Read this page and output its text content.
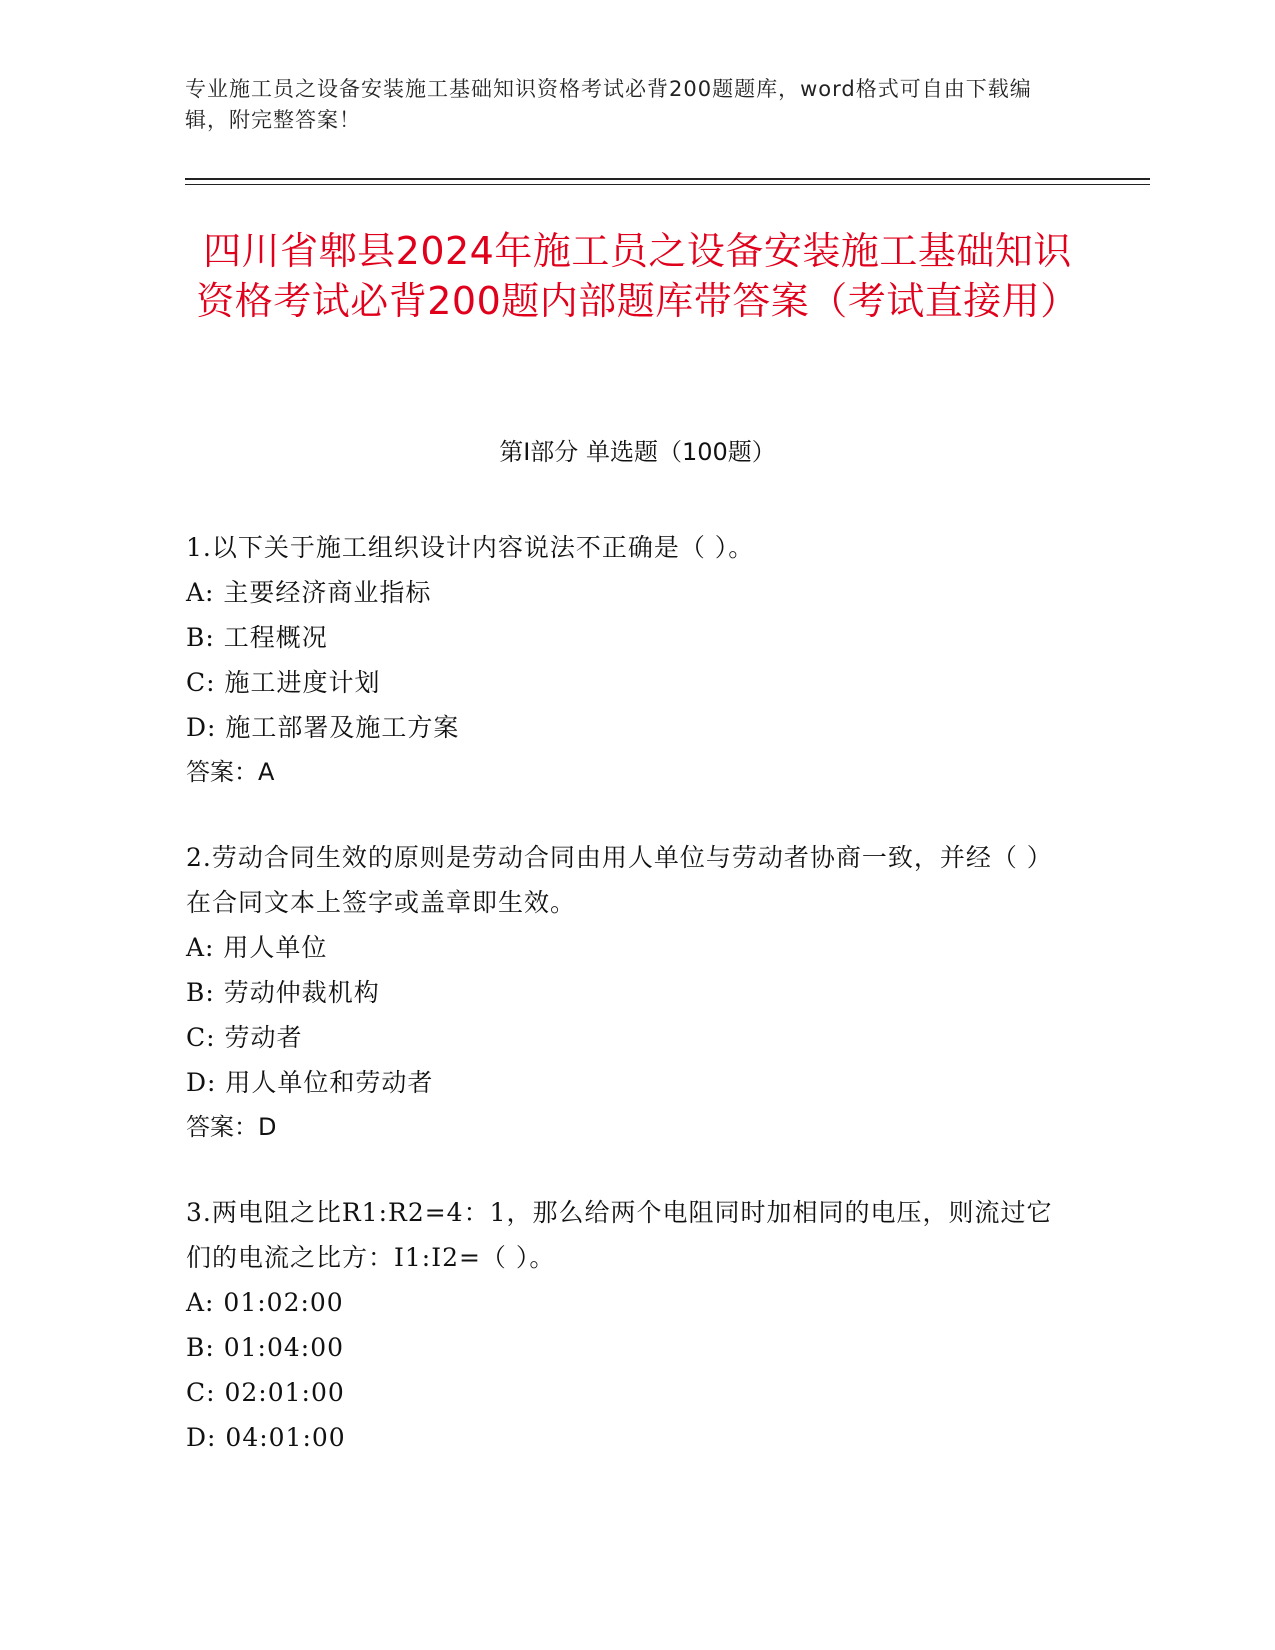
专业施工员之设备安装施工基础知识资格考试必背200题题库，word格式可自由下载编辑，附完整答案！
四川省郫县2024年施工员之设备安装施工基础知识资格考试必背200题内部题库带答案（考试直接用）
第Ⅰ部分 单选题（100题）

1.以下关于施工组织设计内容说法不正确是（ ）。

A: 主要经济商业指标

B: 工程概况

C: 施工进度计划

D: 施工部署及施工方案

答案：A

2.劳动合同生效的原则是劳动合同由用人单位与劳动者协商一致，并经（ ）在合同文本上签字或盖章即生效。

A: 用人单位

B: 劳动仲裁机构

C: 劳动者

D: 用人单位和劳动者

答案：D

3.两电阻之比R1:R2=4：1，那么给两个电阻同时加相同的电压，则流过它们的电流之比方：I1:I2=（ ）。

A: 01:02:00

B: 01:04:00

C: 02:01:00

D: 04:01:00
